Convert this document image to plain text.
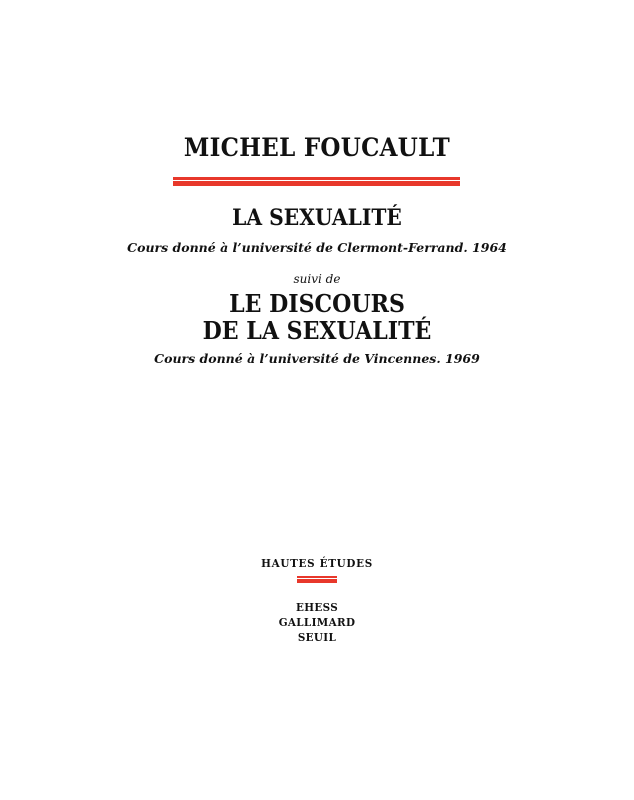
MICHEL FOUCAULT
LA SEXUALITÉ
Cours donné à l’université de Clermont-Ferrand. 1964
suivi de
LE DISCOURS
DE LA SEXUALITÉ
Cours donné à l’université de Vincennes. 1969
HAUTES ÉTUDES
EHESS
GALLIMARD
SEUIL
